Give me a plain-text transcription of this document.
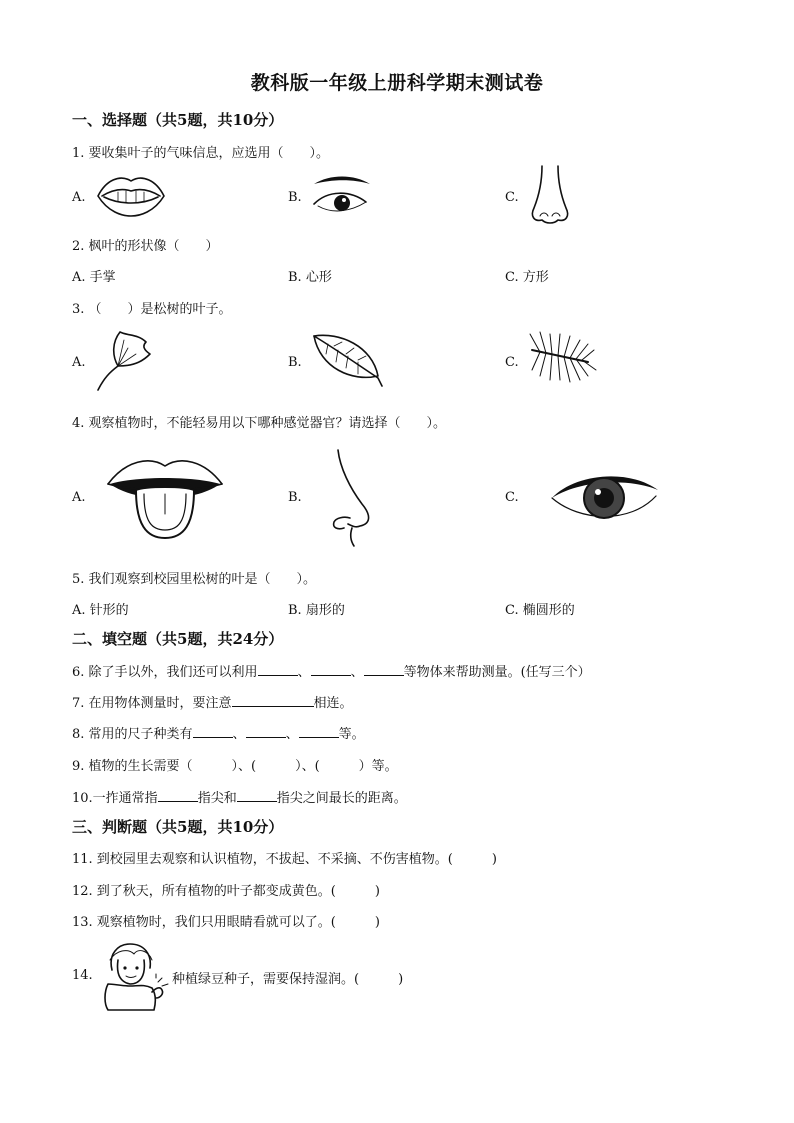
教科版一年级上册科学期末测试卷
一、选择题（共5题，共10分）
1. 要收集叶子的气味信息，应选用（　　）。
A.	B.	C.
2. 枫叶的形状像（　　）
A. 手掌	B. 心形	C. 方形
3. （　　）是松树的叶子。
A.	B.	C.
4. 观察植物时，不能轻易用以下哪种感觉器官？请选择（　　）。
A.	B.	C.
5. 我们观察到校园里松树的叶是（　　）。
A. 针形的	B. 扇形的	C. 椭圆形的
二、填空题（共5题，共24分）
6. 除了手以外，我们还可以利用	、	、	等物体来帮助测量。(任写三个）
7. 在用物体测量时，要注意	相连。
8. 常用的尺子种类有	、	、	等。
9. 植物的生长需要（　　　）、(　　　）、(　　　）等。
10.一拃通常指	指尖和	指尖之间最长的距离。
三、判断题（共5题，共10分）
11. 到校园里去观察和认识植物，不拔起、不采摘、不伤害植物。(　　　)
12. 到了秋天，所有植物的叶子都变成黄色。(　　　)
13. 观察植物时，我们只用眼睛看就可以了。(　　　)
14.	种植绿豆种子，需要保持湿润。(　　　)
